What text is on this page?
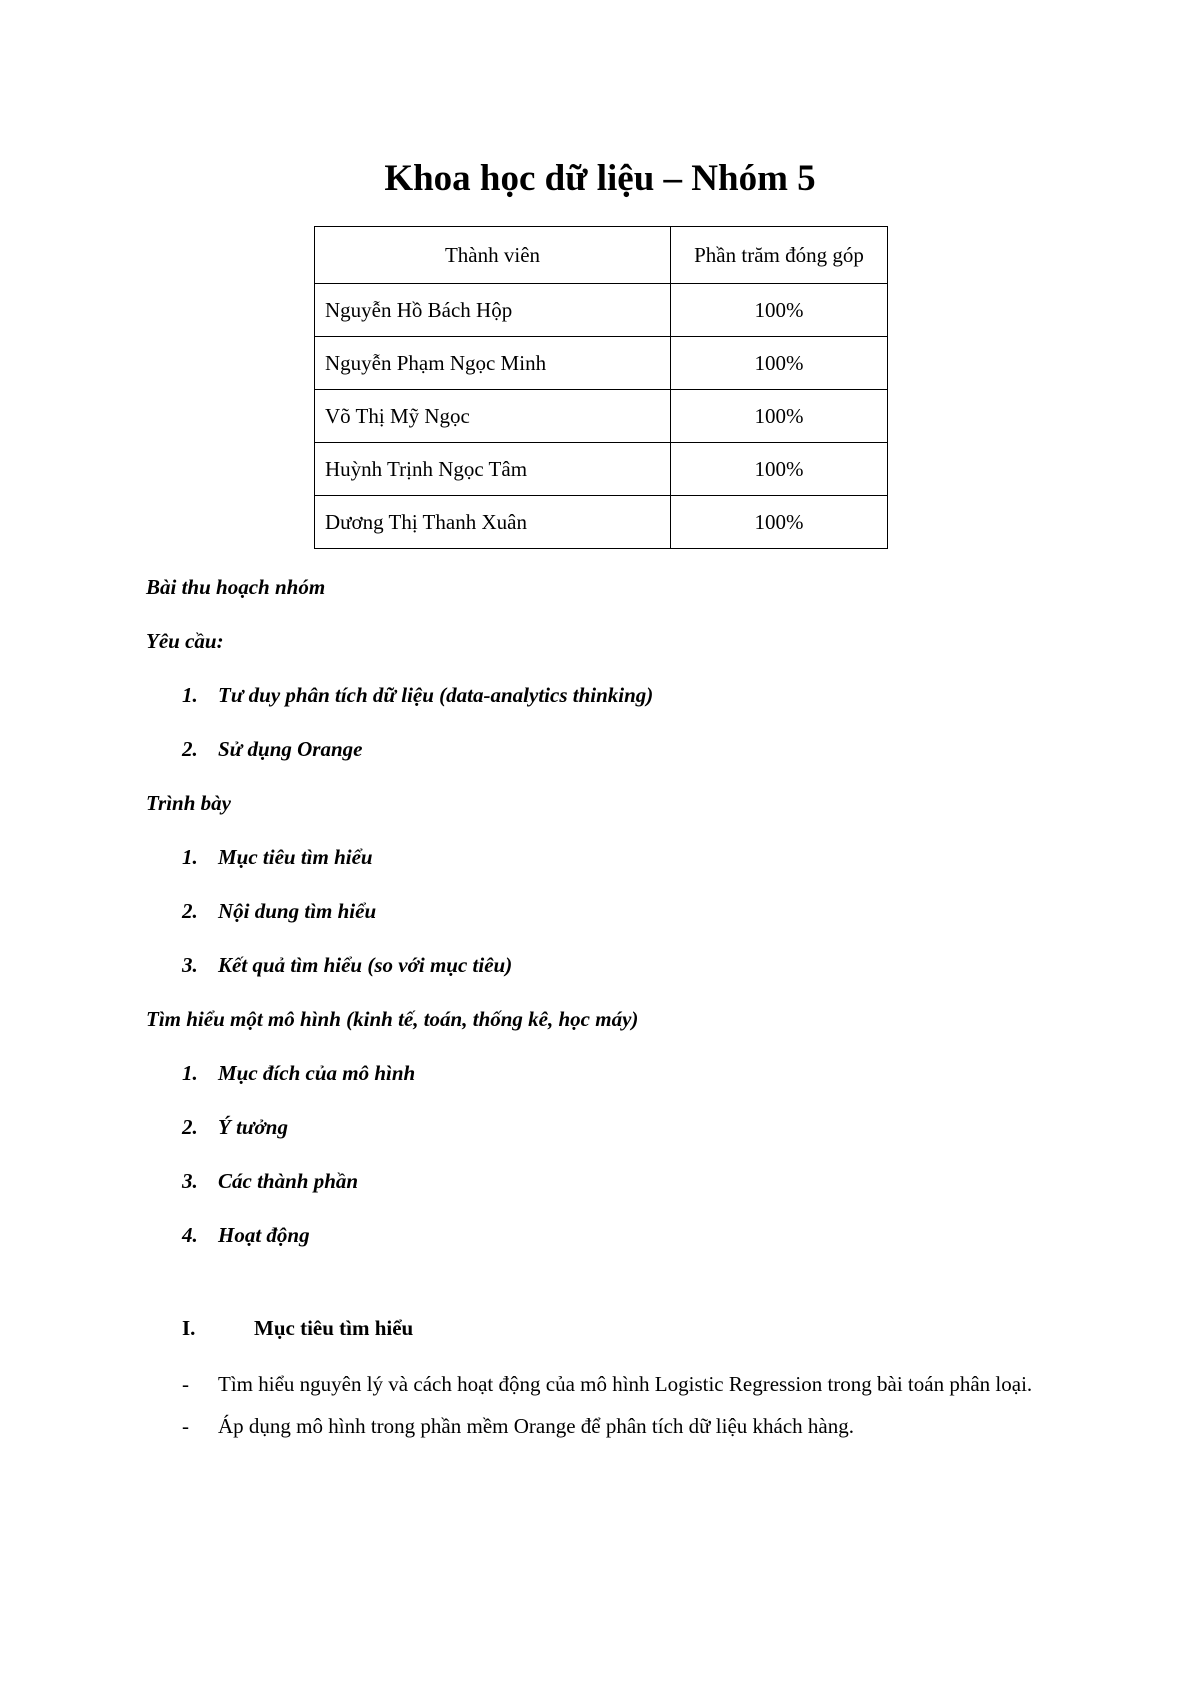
Khoa học dữ liệu – Nhóm 5
Thành viên	Phần trăm đóng góp
Nguyễn Hồ Bách Hộp	100%
Nguyễn Phạm Ngọc Minh	100%
Võ Thị Mỹ Ngọc	100%
Huỳnh Trịnh Ngọc Tâm	100%
Dương Thị Thanh Xuân	100%
Bài thu hoạch nhóm
Yêu cầu:
1. Tư duy phân tích dữ liệu (data-analytics thinking)
2. Sử dụng Orange
Trình bày
1. Mục tiêu tìm hiểu
2. Nội dung tìm hiểu
3. Kết quả tìm hiểu (so với mục tiêu)
Tìm hiểu một mô hình (kinh tế, toán, thống kê, học máy)
1. Mục đích của mô hình
2. Ý tưởng
3. Các thành phần
4. Hoạt động
I.	Mục tiêu tìm hiểu
-	Tìm hiểu nguyên lý và cách hoạt động của mô hình Logistic Regression trong bài toán phân loại.
-	Áp dụng mô hình trong phần mềm Orange để phân tích dữ liệu khách hàng.
